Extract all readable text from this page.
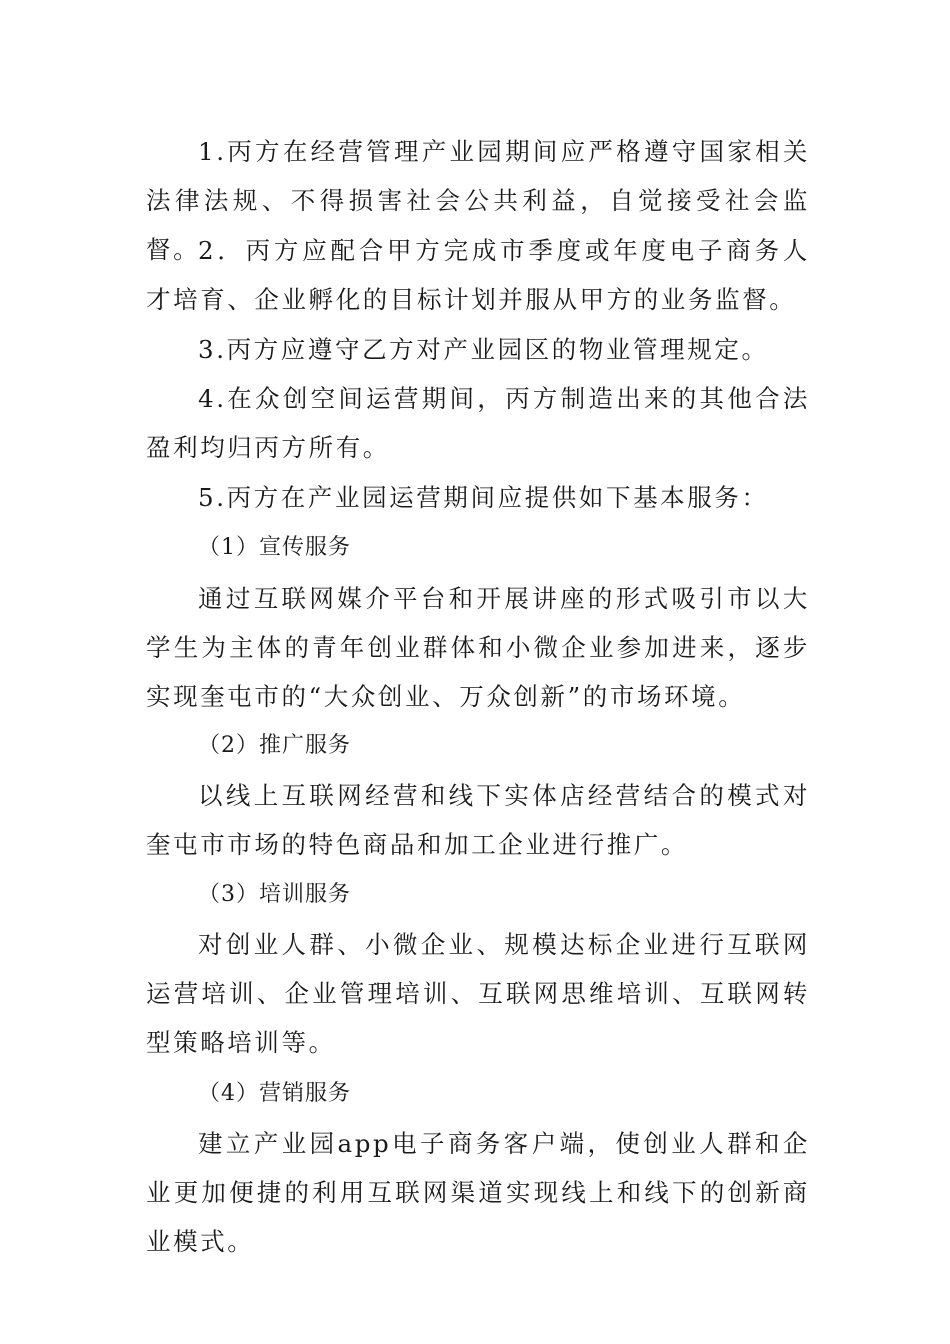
1.丙方在经营管理产业园期间应严格遵守国家相关法律法规、不得损害社会公共利益，自觉接受社会监督。

2．丙方应配合甲方完成市季度或年度电子商务人才培育、企业孵化的目标计划并服从甲方的业务监督。

3.丙方应遵守乙方对产业园区的物业管理规定。

4.在众创空间运营期间，丙方制造出来的其他合法盈利均归丙方所有。

5.丙方在产业园运营期间应提供如下基本服务：

（1）宣传服务

通过互联网媒介平台和开展讲座的形式吸引市以大学生为主体的青年创业群体和小微企业参加进来，逐步实现奎屯市的“大众创业、万众创新”的市场环境。

（2）推广服务

以线上互联网经营和线下实体店经营结合的模式对奎屯市市场的特色商品和加工企业进行推广。

（3）培训服务

对创业人群、小微企业、规模达标企业进行互联网运营培训、企业管理培训、互联网思维培训、互联网转型策略培训等。

（4）营销服务

建立产业园app电子商务客户端，使创业人群和企业更加便捷的利用互联网渠道实现线上和线下的创新商业模式。
